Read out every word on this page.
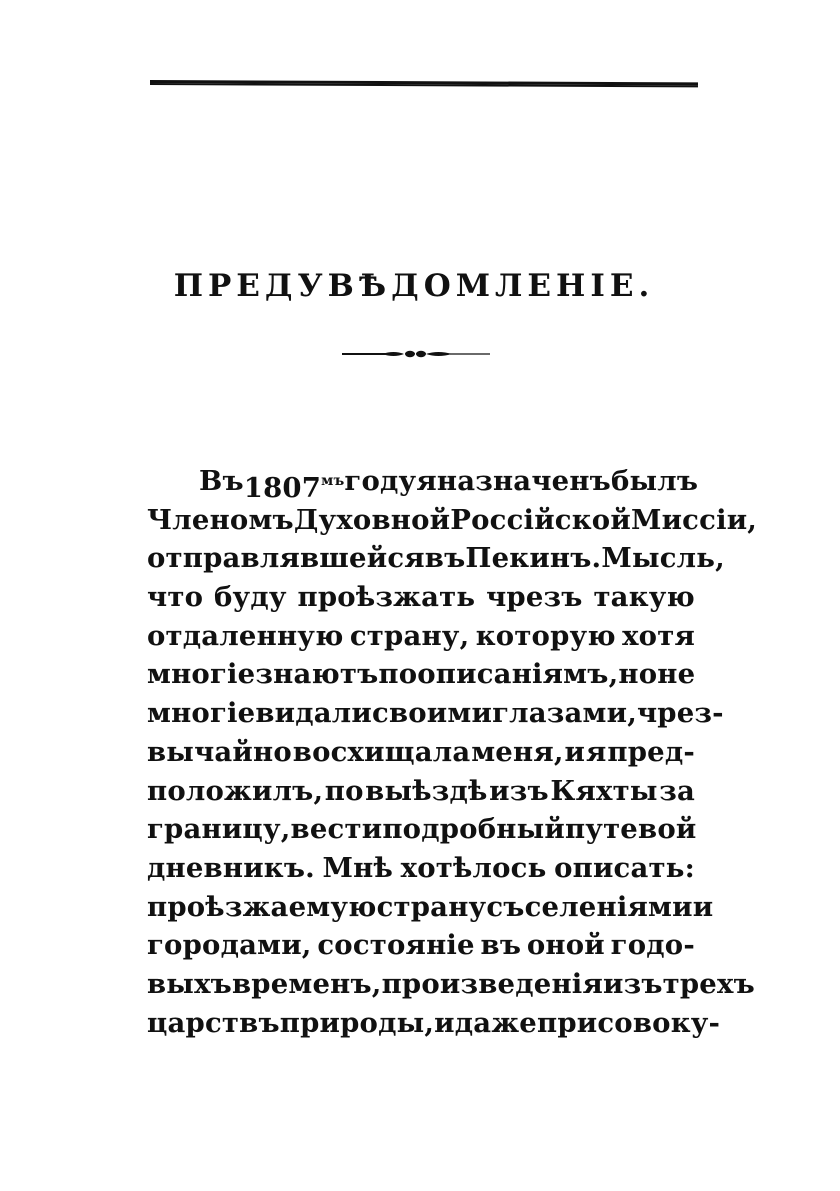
ПРЕДУВѢДОМЛЕНІЕ.
Въ $1807^{мъ}$ году я назначенъ былъ
Членомъ Духовной Россійской Миссіи,
отправлявшейся въ Пекинъ. Мысль,
что буду проѣзжать чрезъ такую
отдаленную страну, которую хотя
многіе знаютъ по описаніямъ, но не
многіе видали своими глазами, чрез-
вычайно восхищала меня, и я пред-
положилъ, по выѣздѣ изъ Кяхты за
границу, вести подробный путевой
дневникъ. Мнѣ хотѣлось описать:
проѣзжаемую страну съ селеніями и
городами, состояніе въ оной годо-
выхъ временъ, произведенія изъ трехъ
царствъ природы, и даже присовоку-
